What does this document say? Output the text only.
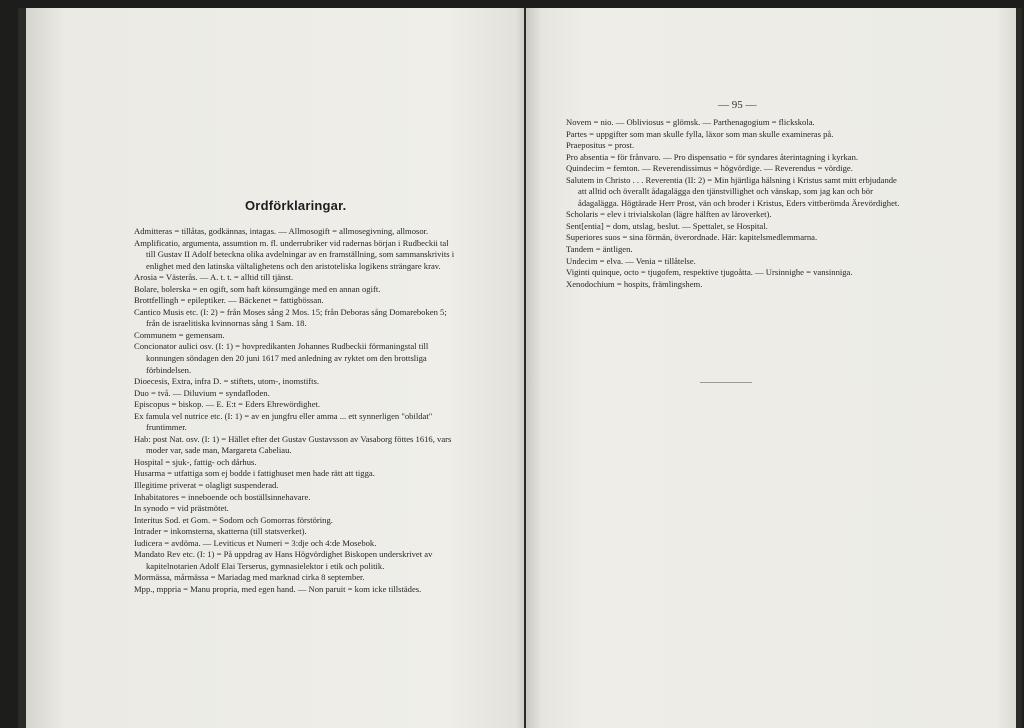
Ordförklaringar.

Admitteras = tillåtas, godkännas, intagas. — Allmosogift = allmosegivning, allmosor.

Amplificatio, argumenta, assumtion m. fl. underrubriker vid radernas början i Rudbeckii tal till Gustav II Adolf beteckna olika avdelningar av en framställning, som sammanskrivits i enlighet med den latinska vältalighetens och den aristoteliska logikens strängare krav.

Arosia = Västerås. — A. t. t. = alltid till tjänst.

Bolare, bolerska = en ogift, som haft könsumgänge med en annan ogift.

Brottfellingh = epileptiker. — Bäckenet = fattigbössan.

Cantico Musis etc. (I: 2) = från Moses sång 2 Mos. 15; från Deboras sång Domareboken 5; från de israelitiska kvinnornas sång 1 Sam. 18.

Communem = gemensam.

Concionator aulici osv. (I: 1) = hovpredikanten Johannes Rudbeckii förmaningstal till konnungen söndagen den 20 juni 1617 med anledning av ryktet om den brottsliga förbindelsen.

Dioecesis, Extra, infra D. = stiftets, utom-, inomstifts.

Duo = två. — Diluvium = syndafloden.

Episcopus = biskop. — E. E:t = Eders Ehrewördighet.

Ex famula vel nutrice etc. (I: 1) = av en jungfru eller amma ... ett synnerligen "obildat" fruntimmer.

Hab: post Nat. osv. (I: 1) = Hället efter det Gustav Gustavsson av Vasaborg föttes 1616, vars moder var, sade man, Margareta Cabeliau.

Hospital = sjuk-, fattig- och dårhus.

Husarma = utfattiga som ej bodde i fattighuset men hade rätt att tigga.

Illegitime priverat = olagligt suspenderad.

Inhabitatores = inneboende och boställsinnehavare.

In synodo = vid prästmötet.

Interitus Sod. et Gom. = Sodom och Gomorras förstöring.

Intrader = inkomsterna, skatterna (till statsverket).

Iudicera = avdöma. — Leviticus et Numeri = 3:dje och 4:de Mosebok.

Mandato Rev etc. (I: 1) = På uppdrag av Hans Högvördighet Biskopen underskrivet av kapitelnotarien Adolf Elai Terserus, gymnasielektor i etik och politik.

Mormässa, mårmässa = Mariadag med marknad cirka 8 september.

Mpp., mppria = Manu propria, med egen hand. — Non paruit = kom icke tillstädes.

— 95 —

Novem = nio. — Obliviosus = glömsk. — Parthenagogium = flickskola.

Partes = uppgifter som man skulle fylla, läxor som man skulle examineras på.

Praepositus = prost.

Pro absentia = för frånvaro. — Pro dispensatio = för syndares återintagning i kyrkan.

Quindecim = femton. — Reverendissimus = högvördige. — Reverendus = vördige.

Salutem in Christo . . . Reverentia (II: 2) = Min hjärtliga hälsning i Kristus samt mitt erbjudande att alltid och överallt ådagalägga den tjänstvillighet och vänskap, som jag kan och bör ådagalägga. Högtärade Herr Prost, vän och broder i Kristus, Eders vittberömda Ärevördighet.

Scholaris = elev i trivialskolan (lägre hälften av läroverket).

Sent[entia] = dom, utslag, beslut. — Spettalet, se Hospital.

Superiores suos = sina förmän, överordnade. Här: kapitelsmedlemmarna.

Tandem = äntligen.

Undecim = elva. — Venia = tillåtelse.

Viginti quinque, octo = tjugofem, respektive tjugoåtta. — Ursinnighe = vansinniga.

Xenodochium = hospits, främlingshem.
